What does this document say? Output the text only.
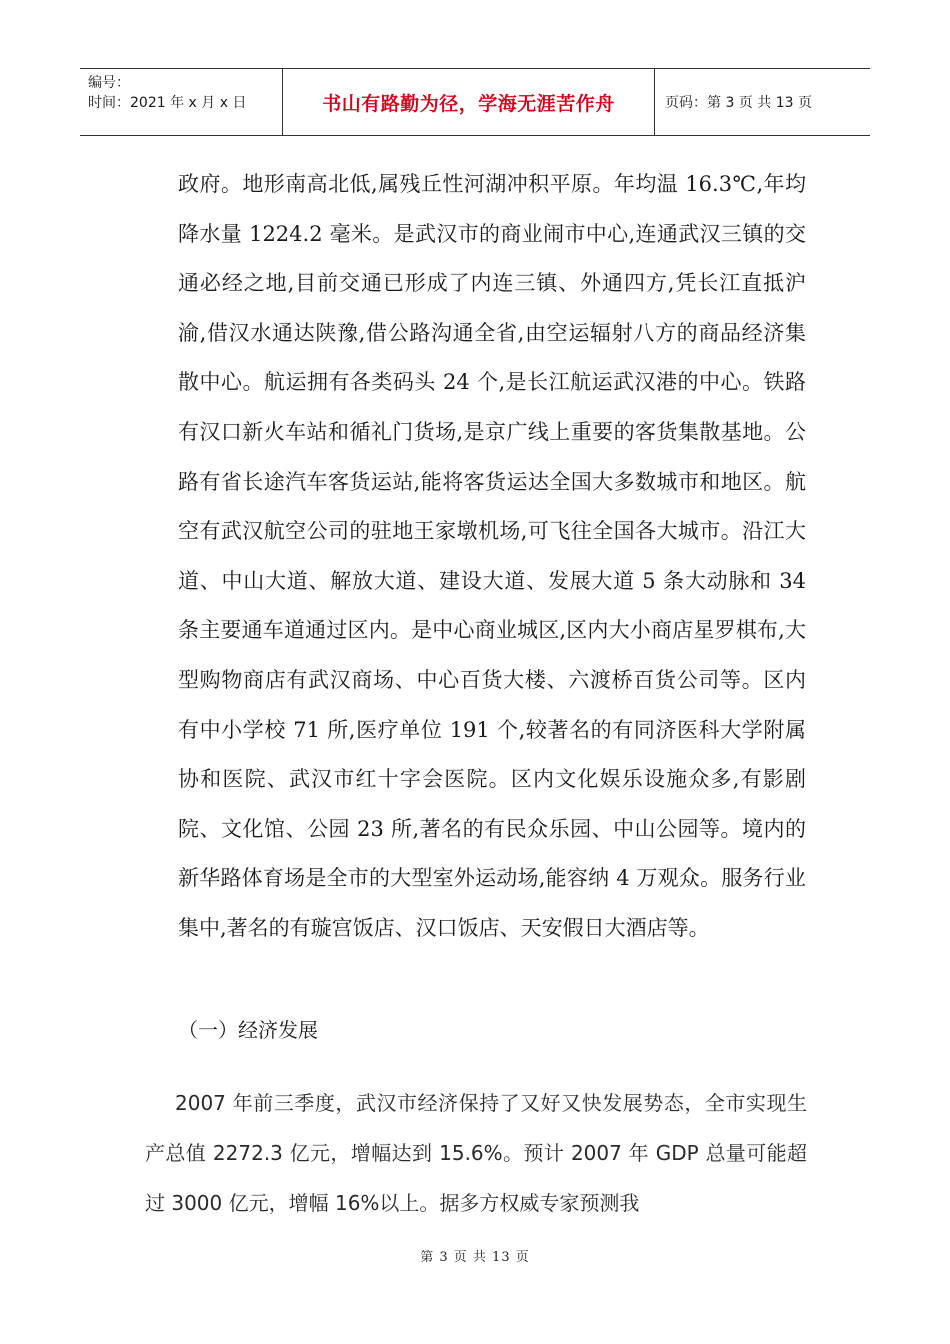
编号：
时间：2021 年 x 月 x 日	书山有路勤为径，学海无涯苦作舟	页码：第 3 页 共 13 页

政府。地形南高北低,属残丘性河湖冲积平原。年均温 16.3℃,年均降水量 1224.2 毫米。是武汉市的商业闹市中心,连通武汉三镇的交通必经之地,目前交通已形成了内连三镇、外通四方,凭长江直抵沪渝,借汉水通达陕豫,借公路沟通全省,由空运辐射八方的商品经济集散中心。航运拥有各类码头 24 个,是长江航运武汉港的中心。铁路有汉口新火车站和循礼门货场,是京广线上重要的客货集散基地。公路有省长途汽车客货运站,能将客货运达全国大多数城市和地区。航空有武汉航空公司的驻地王家墩机场,可飞往全国各大城市。沿江大道、中山大道、解放大道、建设大道、发展大道 5 条大动脉和 34 条主要通车道通过区内。是中心商业城区,区内大小商店星罗棋布,大型购物商店有武汉商场、中心百货大楼、六渡桥百货公司等。区内有中小学校 71 所,医疗单位 191 个,较著名的有同济医科大学附属协和医院、武汉市红十字会医院。区内文化娱乐设施众多,有影剧院、文化馆、公园 23 所,著名的有民众乐园、中山公园等。境内的新华路体育场是全市的大型室外运动场,能容纳 4 万观众。服务行业集中,著名的有璇宫饭店、汉口饭店、天安假日大酒店等。

（一）经济发展

2007 年前三季度，武汉市经济保持了又好又快发展势态，全市实现生产总值 2272.3 亿元，增幅达到 15.6%。预计 2007 年 GDP 总量可能超过 3000 亿元，增幅 16%以上。据多方权威专家预测我

第 3 页 共 13 页
